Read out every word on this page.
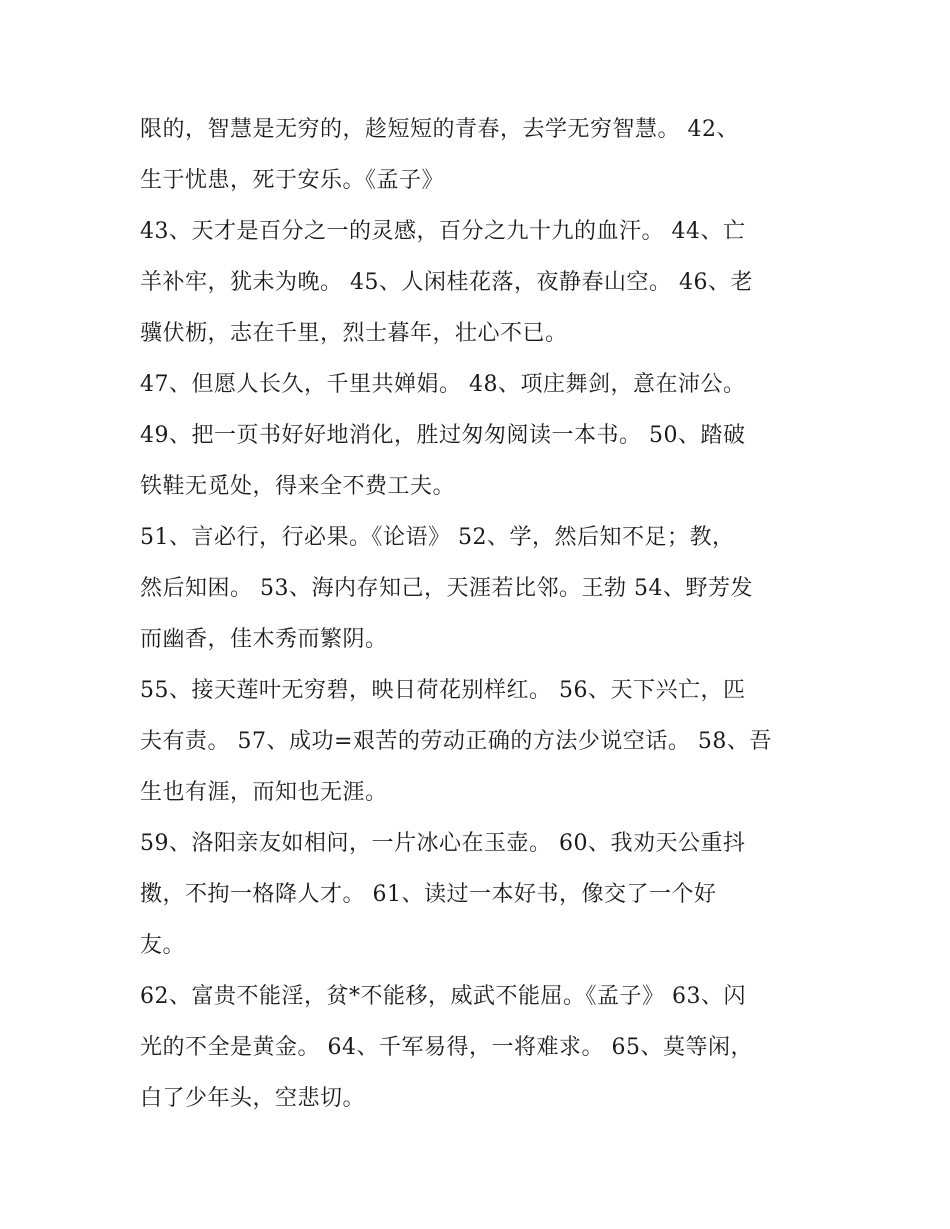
限的，智慧是无穷的，趁短短的青春，去学无穷智慧。 42、
生于忧患，死于安乐。《孟子》
43、天才是百分之一的灵感，百分之九十九的血汗。 44、亡
羊补牢，犹未为晚。 45、人闲桂花落，夜静春山空。 46、老
骥伏枥，志在千里，烈士暮年，壮心不已。
47、但愿人长久，千里共婵娟。 48、项庄舞剑，意在沛公。
49、把一页书好好地消化，胜过匆匆阅读一本书。 50、踏破
铁鞋无觅处，得来全不费工夫。
51、言必行，行必果。《论语》 52、学，然后知不足；教，
然后知困。 53、海内存知己，天涯若比邻。王勃 54、野芳发
而幽香，佳木秀而繁阴。
55、接天莲叶无穷碧，映日荷花别样红。 56、天下兴亡，匹
夫有责。 57、成功=艰苦的劳动正确的方法少说空话。 58、吾
生也有涯，而知也无涯。
59、洛阳亲友如相问，一片冰心在玉壶。 60、我劝天公重抖
擞，不拘一格降人才。 61、读过一本好书，像交了一个好
友。
62、富贵不能淫，贫*不能移，威武不能屈。《孟子》 63、闪
光的不全是黄金。 64、千军易得，一将难求。 65、莫等闲，
白了少年头，空悲切。
